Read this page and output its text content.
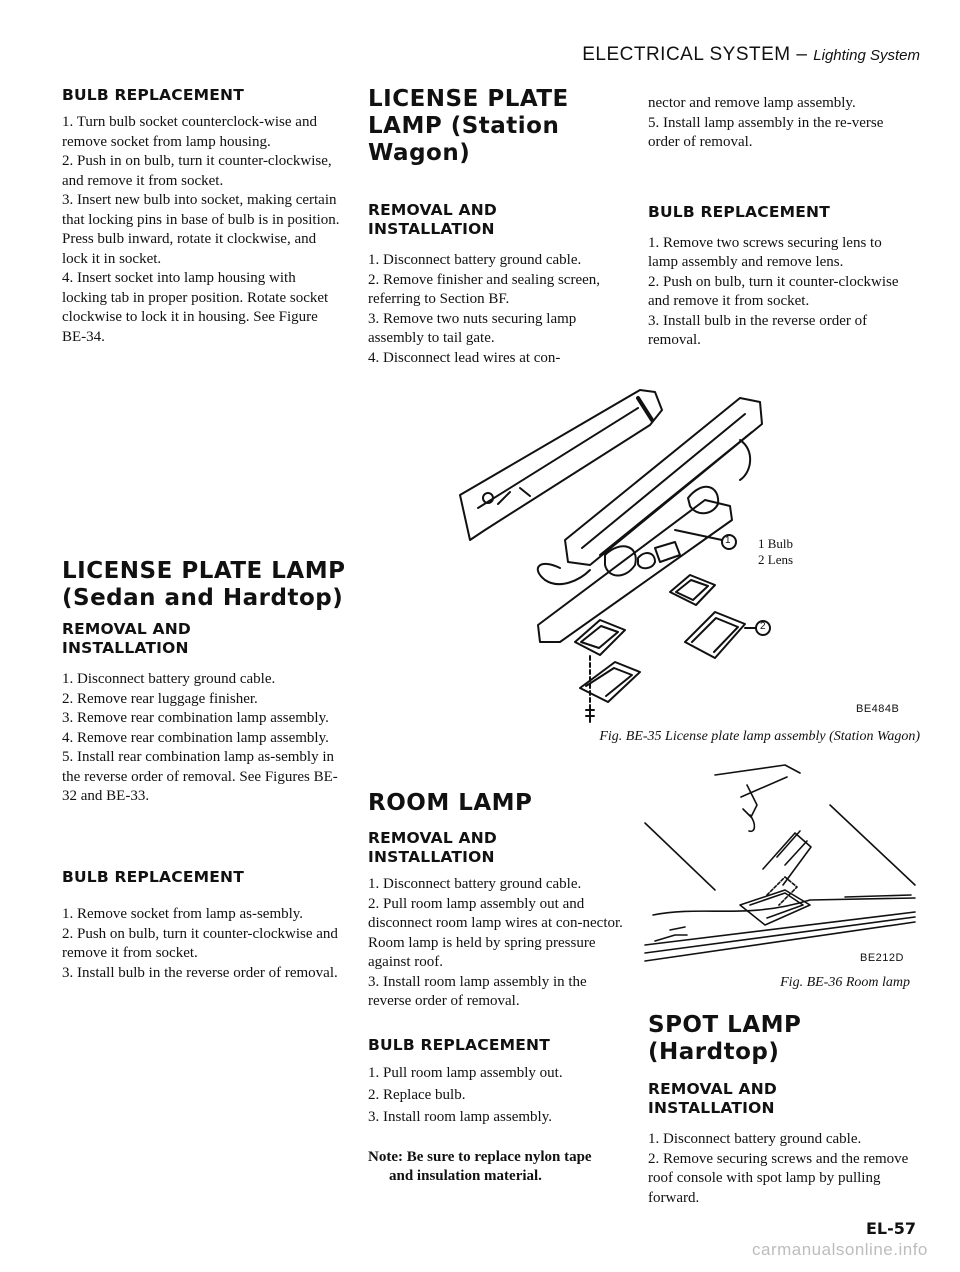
ELECTRICAL SYSTEM – Lighting System
BULB REPLACEMENT

1. Turn bulb socket counterclock-wise and remove socket from lamp housing.

2. Push in on bulb, turn it counter-clockwise, and remove it from socket.

3. Insert new bulb into socket, making certain that locking pins in base of bulb is in position. Press bulb inward, rotate it clockwise, and lock it in socket.

4. Insert socket into lamp housing with locking tab in proper position. Rotate socket clockwise to lock it in housing. See Figure BE-34.

LICENSE PLATE LAMP
(Sedan and Hardtop)
REMOVAL AND
INSTALLATION

1. Disconnect battery ground cable.

2. Remove rear luggage finisher.

3. Remove rear combination lamp assembly.

4. Remove rear combination lamp assembly.

5. Install rear combination lamp as-sembly in the reverse order of removal. See Figures BE-32 and BE-33.

BULB REPLACEMENT

1. Remove socket from lamp as-sembly.

2. Push on bulb, turn it counter-clockwise and remove it from socket.

3. Install bulb in the reverse order of removal.

LICENSE PLATE
LAMP (Station Wagon)
REMOVAL AND
INSTALLATION

1. Disconnect battery ground cable.

2. Remove finisher and sealing screen, referring to Section BF.

3. Remove two nuts securing lamp assembly to tail gate.

4. Disconnect lead wires at con-

nector and remove lamp assembly.

5. Install lamp assembly in the re-verse order of removal.

BULB REPLACEMENT

1. Remove two screws securing lens to lamp assembly and remove lens.

2. Push on bulb, turn it counter-clockwise and remove it from socket.

3. Install bulb in the reverse order of removal.

1 Bulb

2 Lens

1
2
BE484B
Fig. BE-35 License plate lamp assembly (Station Wagon)
ROOM LAMP
REMOVAL AND
INSTALLATION

1. Disconnect battery ground cable.

2. Pull room lamp assembly out and disconnect room lamp wires at con-nector. Room lamp is held by spring pressure against roof.

3. Install room lamp assembly in the reverse order of removal.

BULB REPLACEMENT

1. Pull room lamp assembly out.

2. Replace bulb.

3. Install room lamp assembly.

Note: Be sure to replace nylon tape

and insulation material.

BE212D
Fig. BE-36 Room lamp
SPOT LAMP (Hardtop)
REMOVAL AND
INSTALLATION

1. Disconnect battery ground cable.

2. Remove securing screws and the remove roof console with spot lamp by pulling forward.

EL-57
carmanualsonline.info
